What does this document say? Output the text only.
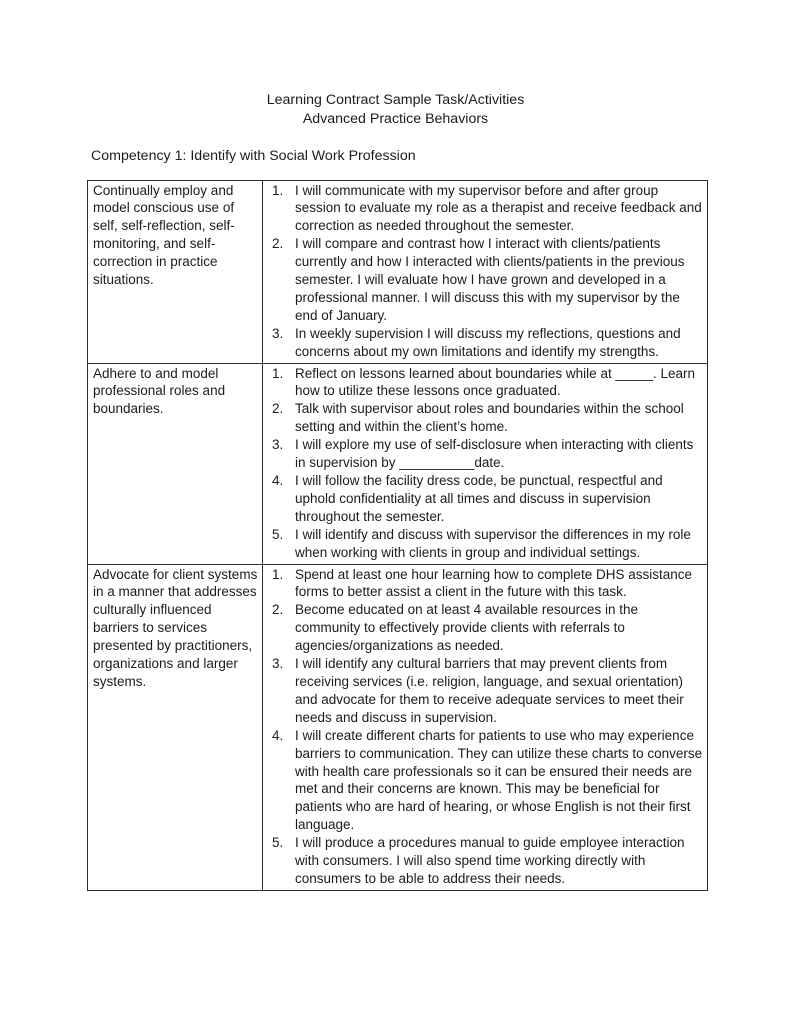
Learning Contract Sample Task/Activities
Advanced Practice Behaviors
Competency 1: Identify with Social Work Profession
Continually employ and model conscious use of self, self-reflection, self-monitoring, and self-correction in practice situations.	
I will communicate with my supervisor before and after group session to evaluate my role as a therapist and receive feedback and correction as needed throughout the semester.
I will compare and contrast how I interact with clients/patients currently and how I interacted with clients/patients in the previous semester. I will evaluate how I have grown and developed in a professional manner. I will discuss this with my supervisor by the end of January.
In weekly supervision I will discuss my reflections, questions and concerns about my own limitations and identify my strengths.

Adhere to and model professional roles and boundaries.	
Reflect on lessons learned about boundaries while at _____. Learn how to utilize these lessons once graduated.
Talk with supervisor about roles and boundaries within the school setting and within the client’s home.
I will explore my use of self-disclosure when interacting with clients in supervision by __________date.
I will follow the facility dress code, be punctual, respectful and uphold confidentiality at all times and discuss in supervision throughout the semester.
I will identify and discuss with supervisor the differences in my role when working with clients in group and individual settings.

Advocate for client systems in a manner that addresses culturally influenced barriers to services presented by practitioners, organizations and larger systems.	
Spend at least one hour learning how to complete DHS assistance forms to better assist a client in the future with this task.
Become educated on at least 4 available resources in the community to effectively provide clients with referrals to agencies/organizations as needed.
I will identify any cultural barriers that may prevent clients from receiving services (i.e. religion, language, and sexual orientation) and advocate for them to receive adequate services to meet their needs and discuss in supervision.
I will create different charts for patients to use who may experience barriers to communication. They can utilize these charts to converse with health care professionals so it can be ensured their needs are met and their concerns are known. This may be beneficial for patients who are hard of hearing, or whose English is not their first language.
I will produce a procedures manual to guide employee interaction with consumers. I will also spend time working directly with consumers to be able to address their needs.
